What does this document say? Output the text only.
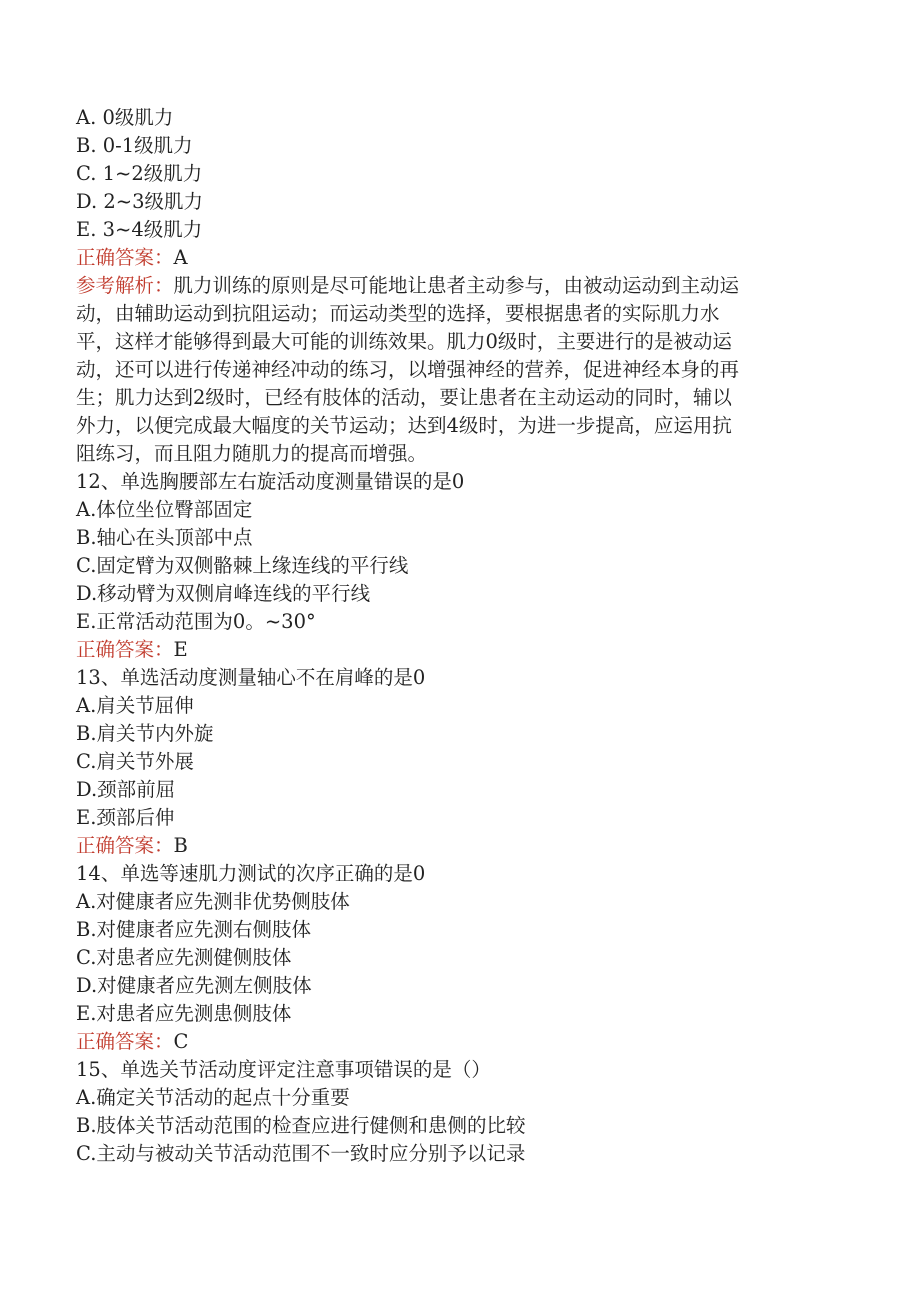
A. 0级肌力
B. 0-1级肌力
C. 1~2级肌力
D. 2~3级肌力
E. 3~4级肌力
正确答案：A
参考解析：肌力训练的原则是尽可能地让患者主动参与，由被动运动到主动运
动，由辅助运动到抗阻运动；而运动类型的选择，要根据患者的实际肌力水
平，这样才能够得到最大可能的训练效果。肌力0级时，主要进行的是被动运
动，还可以进行传递神经冲动的练习，以增强神经的营养，促进神经本身的再
生；肌力达到2级时，已经有肢体的活动，要让患者在主动运动的同时，辅以
外力，以便完成最大幅度的关节运动；达到4级时，为进一步提高，应运用抗
阻练习，而且阻力随肌力的提高而增强。
12、单选胸腰部左右旋活动度测量错误的是0
A.体位坐位臀部固定
B.轴心在头顶部中点
C.固定臂为双侧骼棘上缘连线的平行线
D.移动臂为双侧肩峰连线的平行线
E.正常活动范围为0。~30°
正确答案：E
13、单选活动度测量轴心不在肩峰的是0
A.肩关节屈伸
B.肩关节内外旋
C.肩关节外展
D.颈部前屈
E.颈部后伸
正确答案：B
14、单选等速肌力测试的次序正确的是0
A.对健康者应先测非优势侧肢体
B.对健康者应先测右侧肢体
C.对患者应先测健侧肢体
D.对健康者应先测左侧肢体
E.对患者应先测患侧肢体
正确答案：C
15、单选关节活动度评定注意事项错误的是（）
A.确定关节活动的起点十分重要
B.肢体关节活动范围的检查应进行健侧和患侧的比较
C.主动与被动关节活动范围不一致时应分别予以记录
